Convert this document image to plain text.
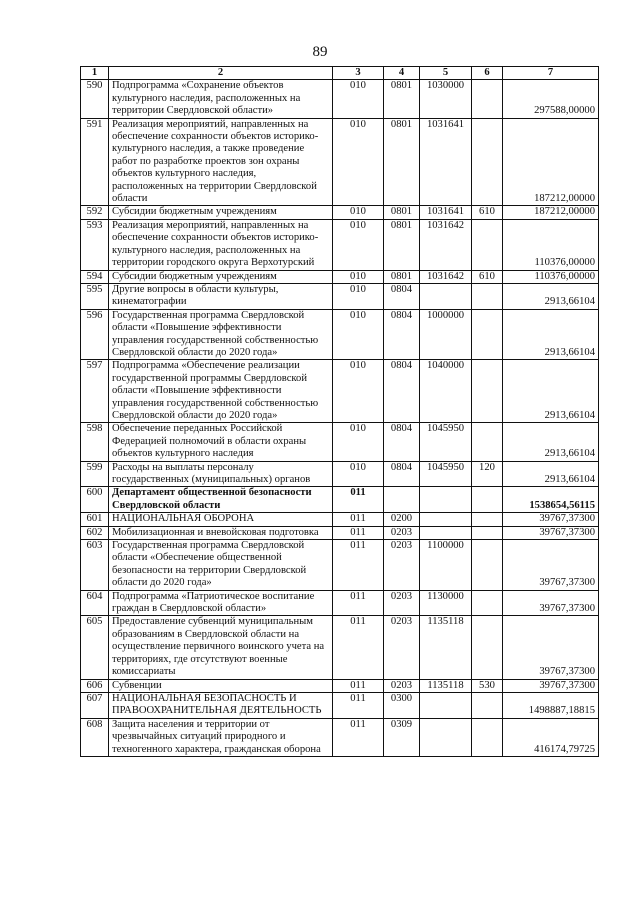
89
1	2	3	4	5	6	7
590	Подпрограмма «Сохранение объектов культурного наследия, расположенных на территории Свердловской области»	010	0801	1030000		297588,00000
591	Реализация мероприятий, направленных на обеспечение сохранности объектов историко-культурного наследия, а также проведение работ по разработке проектов зон охраны объектов культурного наследия, расположенных на территории Свердловской области	010	0801	1031641		187212,00000
592	Субсидии бюджетным учреждениям	010	0801	1031641	610	187212,00000
593	Реализация мероприятий, направленных на обеспечение сохранности объектов историко-культурного наследия, расположенных на территории городского округа Верхотурский	010	0801	1031642		110376,00000
594	Субсидии бюджетным учреждениям	010	0801	1031642	610	110376,00000
595	Другие вопросы в области культуры, кинематографии	010	0804			2913,66104
596	Государственная программа Свердловской области «Повышение эффективности управления государственной собственностью Свердловской области до 2020 года»	010	0804	1000000		2913,66104
597	Подпрограмма «Обеспечение реализации государственной программы Свердловской области «Повышение эффективности управления государственной собственностью Свердловской области до 2020 года»	010	0804	1040000		2913,66104
598	Обеспечение переданных Российской Федерацией полномочий в области охраны объектов культурного наследия	010	0804	1045950		2913,66104
599	Расходы на выплаты персоналу государственных (муниципальных) органов	010	0804	1045950	120	2913,66104
600	Департамент общественной безопасности Свердловской области	011				1538654,56115
601	НАЦИОНАЛЬНАЯ ОБОРОНА	011	0200			39767,37300
602	Мобилизационная и вневойсковая подготовка	011	0203			39767,37300
603	Государственная программа Свердловской области «Обеспечение общественной безопасности на территории Свердловской области до 2020 года»	011	0203	1100000		39767,37300
604	Подпрограмма «Патриотическое воспитание граждан в Свердловской области»	011	0203	1130000		39767,37300
605	Предоставление субвенций муниципальным образованиям в Свердловской области на осуществление первичного воинского учета на территориях, где отсутствуют военные комиссариаты	011	0203	1135118		39767,37300
606	Субвенции	011	0203	1135118	530	39767,37300
607	НАЦИОНАЛЬНАЯ БЕЗОПАСНОСТЬ И ПРАВООХРАНИТЕЛЬНАЯ ДЕЯТЕЛЬНОСТЬ	011	0300			1498887,18815
608	Защита населения и территории от чрезвычайных ситуаций природного и техногенного характера, гражданская оборона	011	0309			416174,79725
